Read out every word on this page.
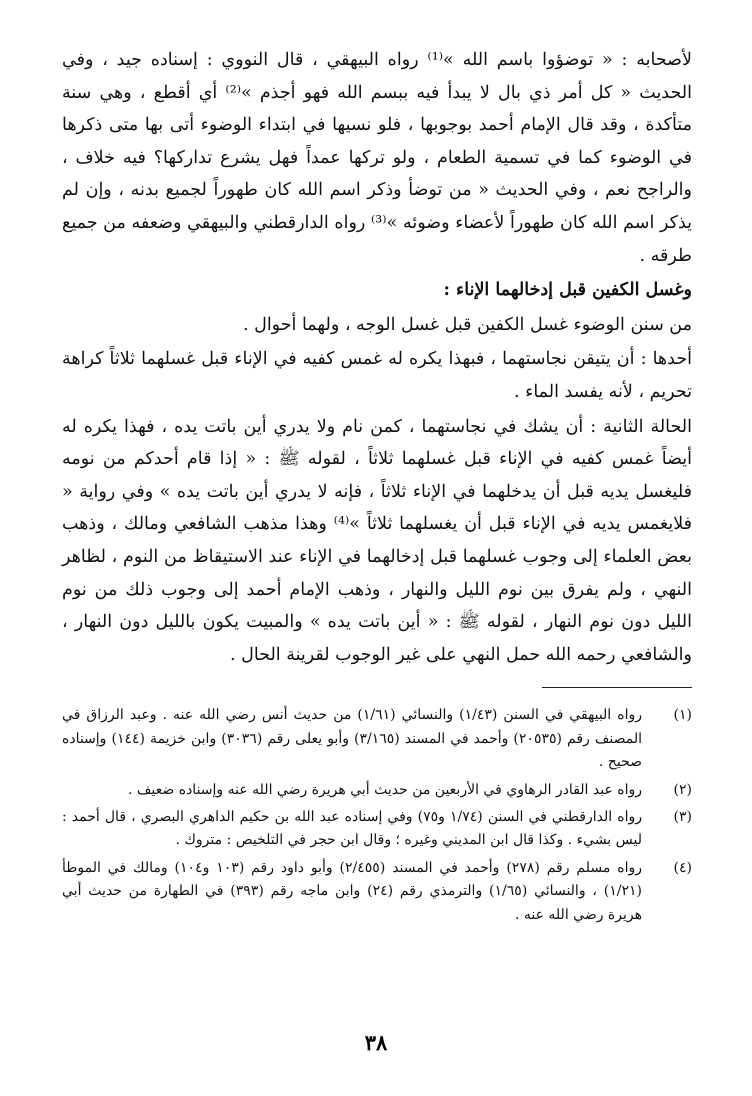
لأصحابه : « توضؤوا باسم الله »⁽¹⁾ رواه البيهقي ، قال النووي : إسناده جيد ، وفي الحديث « كل أمر ذي بال لا يبدأ فيه ببسم الله فهو أجذم »⁽²⁾ أي أقطع ، وهي سنة متأكدة ، وقد قال الإمام أحمد بوجوبها ، فلو نسيها في ابتداء الوضوء أتى بها متى ذكرها في الوضوء كما في تسمية الطعام ، ولو تركها عمداً فهل يشرع تداركها؟ فيه خلاف ، والراجح نعم ، وفي الحديث « من توضأ وذكر اسم الله كان طهوراً لجميع بدنه ، وإن لم يذكر اسم الله كان طهوراً لأعضاء وضوئه »⁽³⁾ رواه الدارقطني والبيهقي وضعفه من جميع طرقه .

وغسل الكفين قبل إدخالهما الإناء :

من سنن الوضوء غسل الكفين قبل غسل الوجه ، ولهما أحوال .

أحدها : أن يتيقن نجاستهما ، فبهذا يكره له غمس كفيه في الإناء قبل غسلهما ثلاثاً كراهة تحريم ، لأنه يفسد الماء .

الحالة الثانية : أن يشك في نجاستهما ، كمن نام ولا يدري أين باتت يده ، فهذا يكره له أيضاً غمس كفيه في الإناء قبل غسلهما ثلاثاً ، لقوله ﷺ : « إذا قام أحدكم من نومه فليغسل يديه قبل أن يدخلهما في الإناء ثلاثاً ، فإنه لا يدري أين باتت يده » وفي رواية « فلايغمس يديه في الإناء قبل أن يغسلهما ثلاثاً »⁽⁴⁾ وهذا مذهب الشافعي ومالك ، وذهب بعض العلماء إلى وجوب غسلهما قبل إدخالهما في الإناء عند الاستيقاظ من النوم ، لظاهر النهي ، ولم يفرق بين نوم الليل والنهار ، وذهب الإمام أحمد إلى وجوب ذلك من نوم الليل دون نوم النهار ، لقوله ﷺ : « أين باتت يده » والمبيت يكون بالليل دون النهار ، والشافعي رحمه الله حمل النهي على غير الوجوب لقرينة الحال .

(١)
رواه البيهقي في السنن (١/٤٣) والنسائي (١/٦١) من حديث أنس رضي الله عنه . وعبد الرزاق في المصنف رقم (٢٠٥٣٥) وأحمد في المسند (٣/١٦٥) وأبو يعلى رقم (٣٠٣٦) وابن خزيمة (١٤٤) وإسناده صحيح .
(٢)
رواه عبد القادر الرهاوي في الأربعين من حديث أبي هريرة رضي الله عنه وإسناده ضعيف .
(٣)
رواه الدارقطني في السنن (١/٧٤ و٧٥) وفي إسناده عبد الله بن حكيم الداهري البصري ، قال أحمد : ليس بشيء . وكذا قال ابن المديني وغيره ؛ وقال ابن حجر في التلخيص : متروك .
(٤)
رواه مسلم رقم (٢٧٨) وأحمد في المسند (٢/٤٥٥) وأبو داود رقم (١٠٣ و١٠٤) ومالك في الموطأ (١/٢١) ، والنسائي (١/٦٥) والترمذي رقم (٢٤) وابن ماجه رقم (٣٩٣) في الطهارة من حديث أبي هريرة رضي الله عنه .
٣٨
